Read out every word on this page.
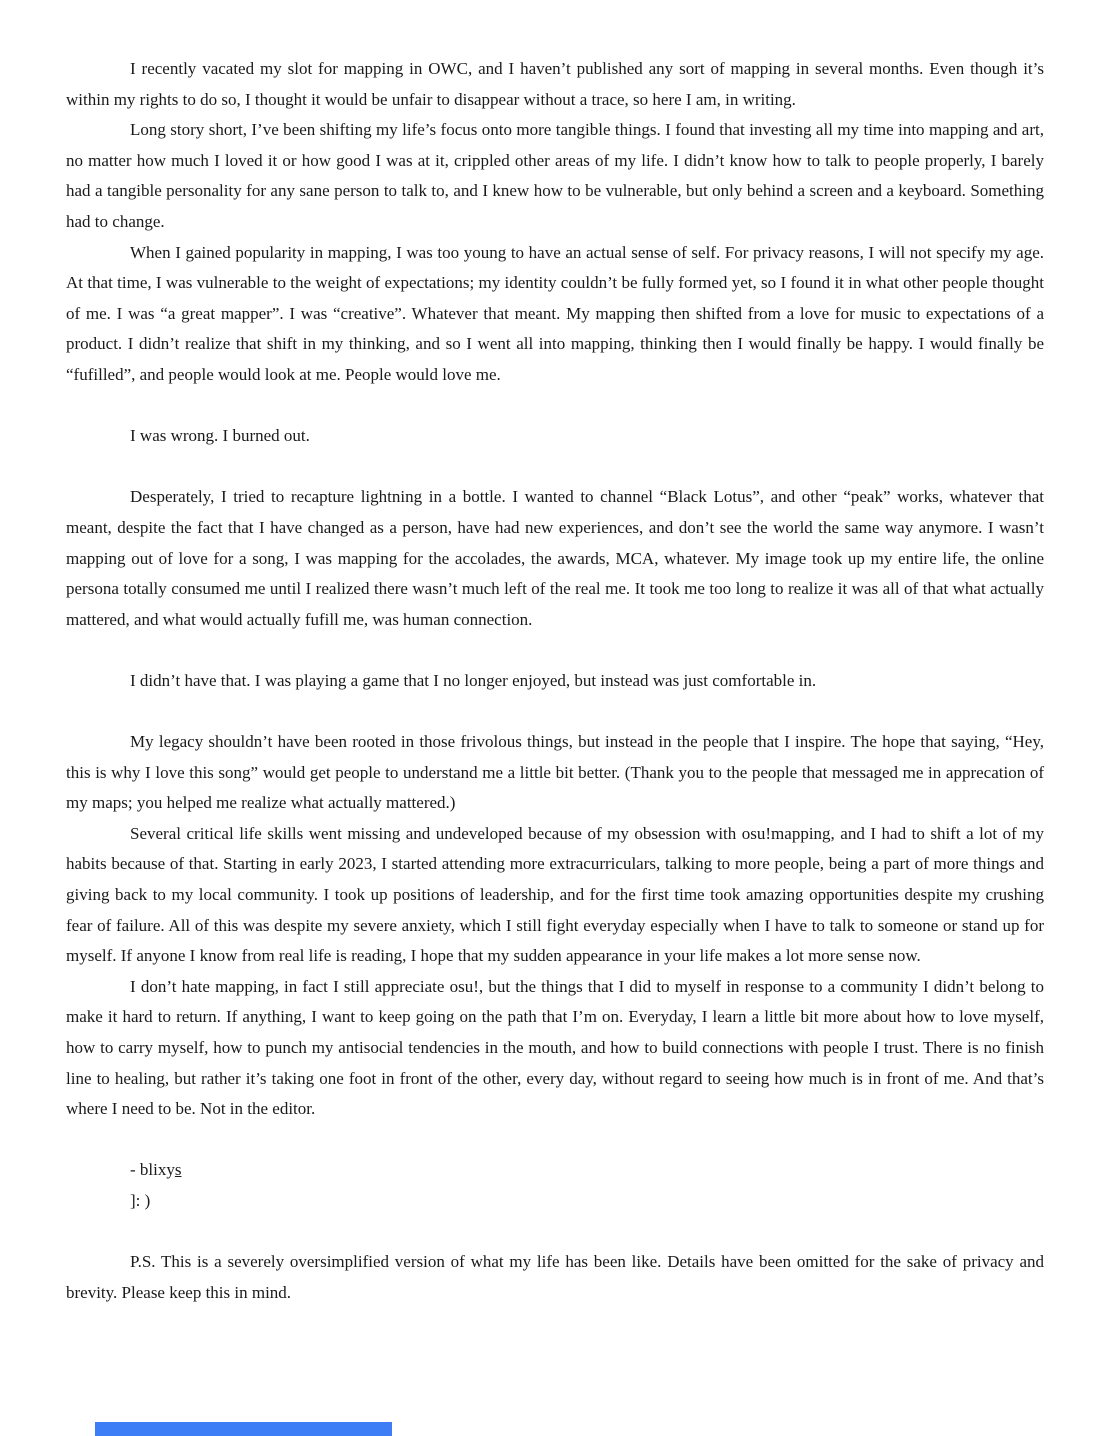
I recently vacated my slot for mapping in OWC, and I haven’t published any sort of mapping in several months. Even though it’s within my rights to do so, I thought it would be unfair to disappear without a trace, so here I am, in writing.

Long story short, I’ve been shifting my life’s focus onto more tangible things. I found that investing all my time into mapping and art, no matter how much I loved it or how good I was at it, crippled other areas of my life. I didn’t know how to talk to people properly, I barely had a tangible personality for any sane person to talk to, and I knew how to be vulnerable, but only behind a screen and a keyboard. Something had to change.

When I gained popularity in mapping, I was too young to have an actual sense of self. For privacy reasons, I will not specify my age. At that time, I was vulnerable to the weight of expectations; my identity couldn’t be fully formed yet, so I found it in what other people thought of me. I was “a great mapper”. I was “creative”. Whatever that meant. My mapping then shifted from a love for music to expectations of a product. I didn’t realize that shift in my thinking, and so I went all into mapping, thinking then I would finally be happy. I would finally be “fufilled”, and people would look at me. People would love me.

I was wrong. I burned out.

Desperately, I tried to recapture lightning in a bottle. I wanted to channel “Black Lotus”, and other “peak” works, whatever that meant, despite the fact that I have changed as a person, have had new experiences, and don’t see the world the same way anymore. I wasn’t mapping out of love for a song, I was mapping for the accolades, the awards, MCA, whatever. My image took up my entire life, the online persona totally consumed me until I realized there wasn’t much left of the real me. It took me too long to realize it was all of that what actually mattered, and what would actually fufill me, was human connection.

I didn’t have that. I was playing a game that I no longer enjoyed, but instead was just comfortable in.

My legacy shouldn’t have been rooted in those frivolous things, but instead in the people that I inspire. The hope that saying, “Hey, this is why I love this song” would get people to understand me a little bit better. (Thank you to the people that messaged me in apprecation of my maps; you helped me realize what actually mattered.)

Several critical life skills went missing and undeveloped because of my obsession with osu!mapping, and I had to shift a lot of my habits because of that. Starting in early 2023, I started attending more extracurriculars, talking to more people, being a part of more things and giving back to my local community. I took up positions of leadership, and for the first time took amazing opportunities despite my crushing fear of failure. All of this was despite my severe anxiety, which I still fight everyday especially when I have to talk to someone or stand up for myself. If anyone I know from real life is reading, I hope that my sudden appearance in your life makes a lot more sense now.

I don’t hate mapping, in fact I still appreciate osu!, but the things that I did to myself in response to a community I didn’t belong to make it hard to return. If anything, I want to keep going on the path that I’m on. Everyday, I learn a little bit more about how to love myself, how to carry myself, how to punch my antisocial tendencies in the mouth, and how to build connections with people I trust. There is no finish line to healing, but rather it’s taking one foot in front of the other, every day, without regard to seeing how much is in front of me. And that’s where I need to be. Not in the editor.

- blixys

]: )

P.S. This is a severely oversimplified version of what my life has been like. Details have been omitted for the sake of privacy and brevity. Please keep this in mind.
